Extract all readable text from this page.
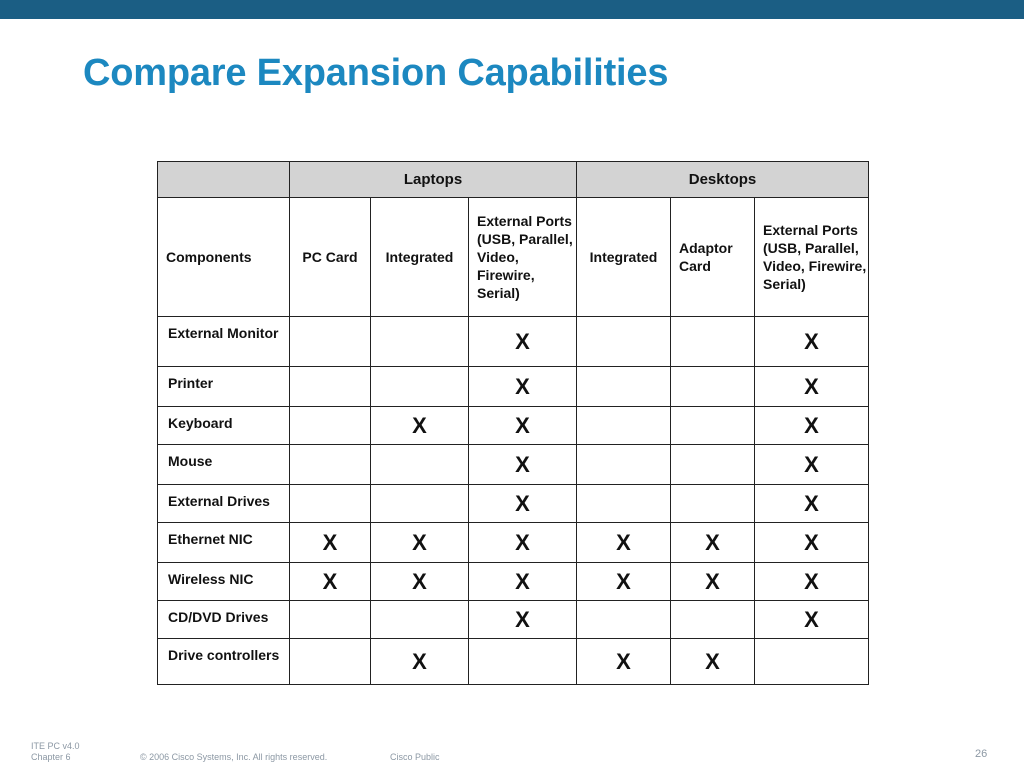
Compare Expansion Capabilities
	Laptops			Desktops		
Components	PC Card	Integrated	External Ports (USB, Parallel, Video, Firewire, Serial)	Integrated	Adaptor Card	External Ports (USB, Parallel, Video, Firewire, Serial)
External Monitor			X			X
Printer			X			X
Keyboard		X	X			X
Mouse			X			X
External Drives			X			X
Ethernet NIC	X	X	X	X	X	X
Wireless NIC	X	X	X	X	X	X
CD/DVD Drives			X			X
Drive controllers		X		X	X	
ITE PC v4.0
Chapter 6	© 2006 Cisco Systems, Inc. All rights reserved.	Cisco Public	26
